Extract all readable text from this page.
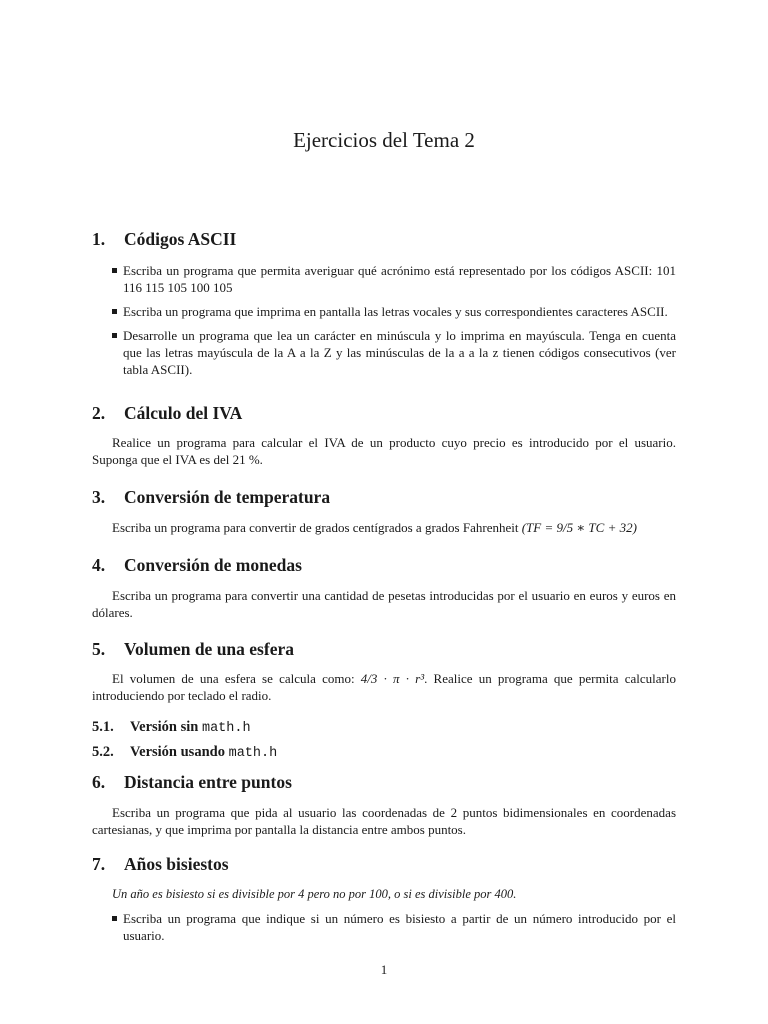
Ejercicios del Tema 2
1. Códigos ASCII
Escriba un programa que permita averiguar qué acrónimo está representado por los códigos ASCII: 101 116 115 105 100 105
Escriba un programa que imprima en pantalla las letras vocales y sus correspondientes caracteres ASCII.
Desarrolle un programa que lea un carácter en minúscula y lo imprima en mayúscula. Tenga en cuenta que las letras mayúscula de la A a la Z y las minúsculas de la a a la z tienen códigos consecutivos (ver tabla ASCII).
2. Cálculo del IVA
Realice un programa para calcular el IVA de un producto cuyo precio es introducido por el usuario. Suponga que el IVA es del 21 %.
3. Conversión de temperatura
Escriba un programa para convertir de grados centígrados a grados Fahrenheit (TF = 9/5 ∗ TC + 32)
4. Conversión de monedas
Escriba un programa para convertir una cantidad de pesetas introducidas por el usuario en euros y euros en dólares.
5. Volumen de una esfera
El volumen de una esfera se calcula como: 4/3 · π · r³. Realice un programa que permita calcularlo introduciendo por teclado el radio.
5.1. Versión sin math.h
5.2. Versión usando math.h
6. Distancia entre puntos
Escriba un programa que pida al usuario las coordenadas de 2 puntos bidimensionales en coordenadas cartesianas, y que imprima por pantalla la distancia entre ambos puntos.
7. Años bisiestos
Un año es bisiesto si es divisible por 4 pero no por 100, o si es divisible por 400.
Escriba un programa que indique si un número es bisiesto a partir de un número introducido por el usuario.
1
